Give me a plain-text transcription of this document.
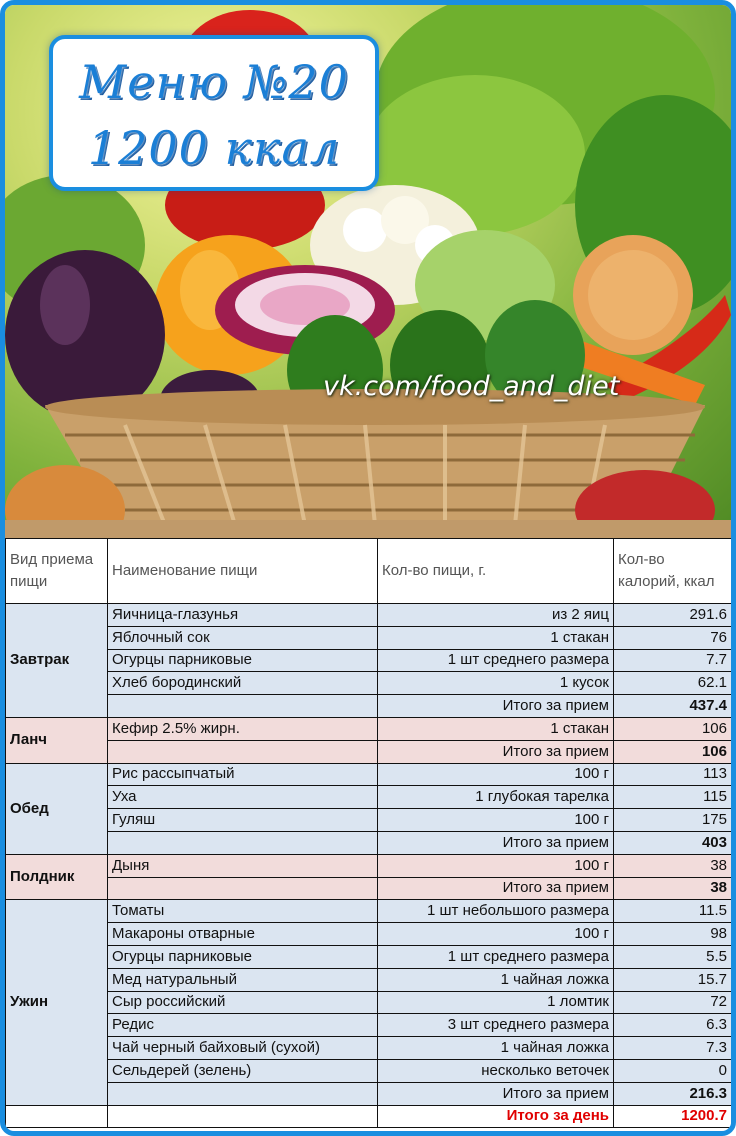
Меню №20
1200 ккал
vk.com/food_and_diet
Вид приема пищи	Наименование пищи	Кол-во пищи, г.	Кол-во калорий, ккал
Завтрак	Яичница-глазунья	из 2 яиц	291.6
	Яблочный сок	1 стакан	76
	Огурцы парниковые	1 шт среднего размера	7.7
	Хлеб бородинский	1 кусок	62.1
		Итого за прием	437.4
Ланч	Кефир 2.5% жирн.	1 стакан	106
		Итого за прием	106
Обед	Рис рассыпчатый	100 г	113
	Уха	1 глубокая тарелка	115
	Гуляш	100 г	175
		Итого за прием	403
Полдник	Дыня	100 г	38
		Итого за прием	38
Ужин	Томаты	1 шт небольшого размера	11.5
	Макароны отварные	100 г	98
	Огурцы парниковые	1 шт среднего размера	5.5
	Мед натуральный	1 чайная ложка	15.7
	Сыр российский	1 ломтик	72
	Редис	3 шт среднего размера	6.3
	Чай черный байховый (сухой)	1 чайная ложка	7.3
	Сельдерей (зелень)	несколько веточек	0
		Итого за прием	216.3
		Итого за день	1200.7
